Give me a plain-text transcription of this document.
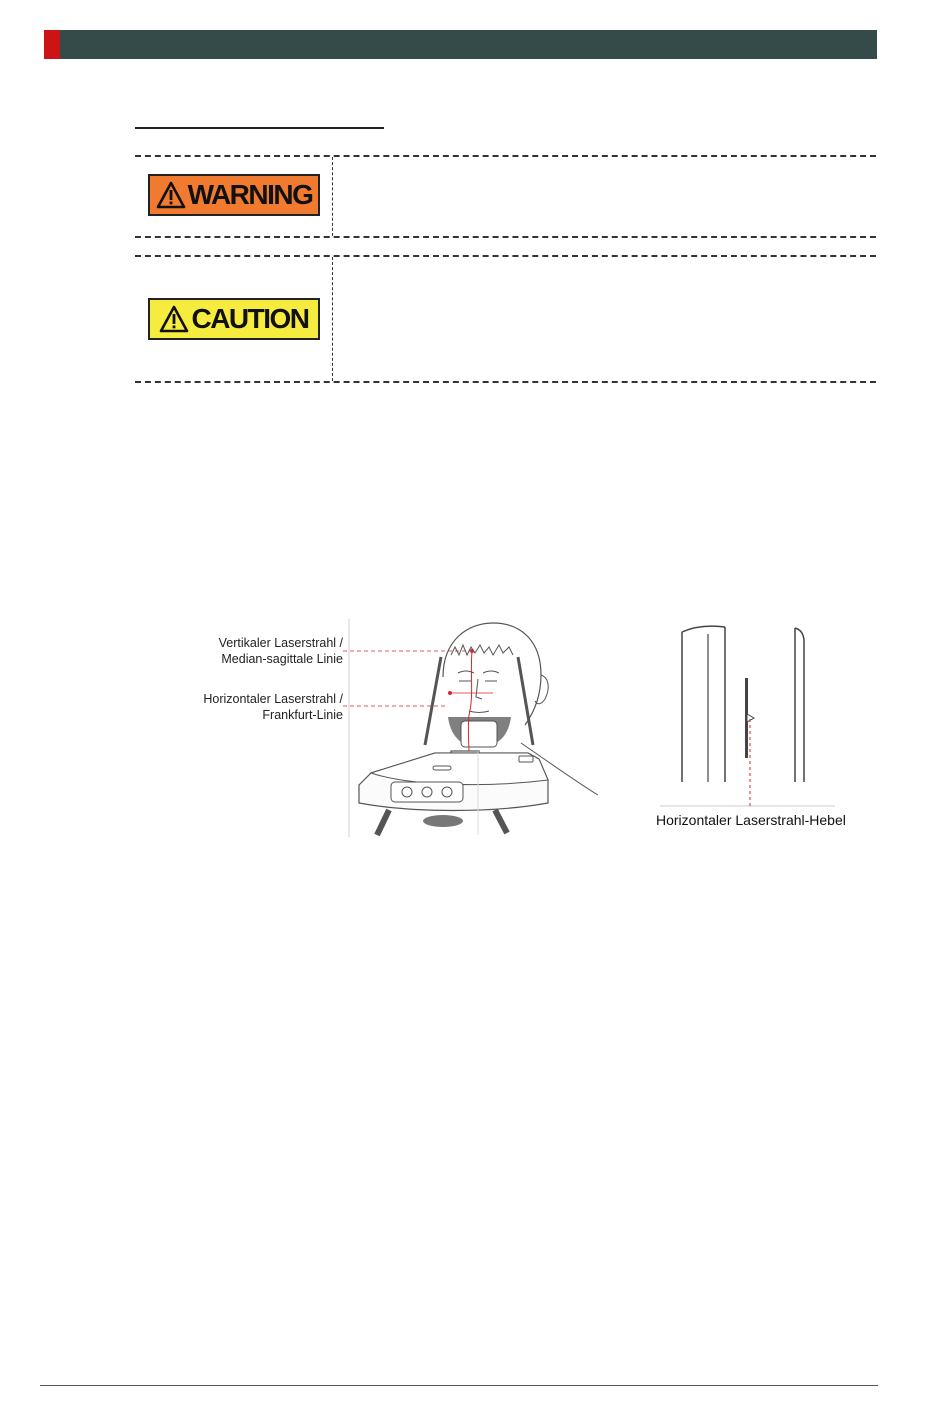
WARNING
CAUTION
Vertikaler Laserstrahl /
Median-sagittale Linie
Horizontaler Laserstrahl /
Frankfurt-Linie
Horizontaler Laserstrahl-Hebel
